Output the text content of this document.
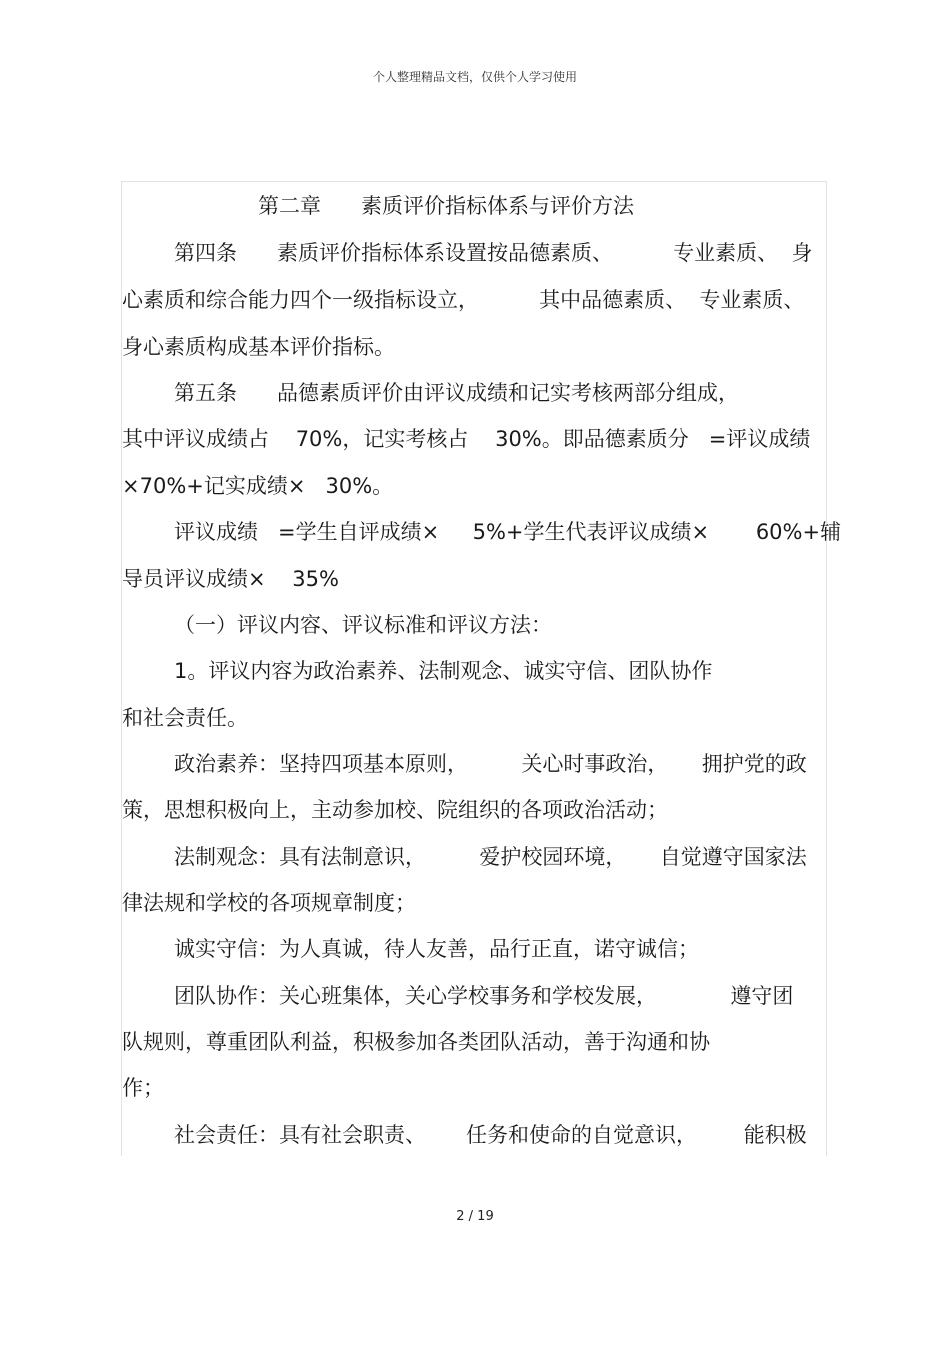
个人整理精品文档，仅供个人学习使用
第二章      素质评价指标体系与评价方法
第四条      素质评价指标体系设置按品德素质、         专业素质、  身
心素质和综合能力四个一级指标设立，         其中品德素质、  专业素质、
身心素质构成基本评价指标。
第五条      品德素质评价由评议成绩和记实考核两部分组成，
其中评议成绩占    70%，记实考核占    30%。即品德素质分   =评议成绩
×70%+记实成绩×   30%。
评议成绩   =学生自评成绩×     5%+学生代表评议成绩×       60%+辅
导员评议成绩×    35%
（一）评议内容、评议标准和评议方法：
1。评议内容为政治素养、法制观念、诚实守信、团队协作
和社会责任。
政治素养：坚持四项基本原则，        关心时事政治，     拥护党的政
策，思想积极向上，主动参加校、院组织的各项政治活动；
法制观念：具有法制意识，        爱护校园环境，     自觉遵守国家法
律法规和学校的各项规章制度；
诚实守信：为人真诚，待人友善，品行正直，诺守诚信；
团队协作：关心班集体，关心学校事务和学校发展，           遵守团
队规则，尊重团队利益，积极参加各类团队活动，善于沟通和协
作；
社会责任：具有社会职责、      任务和使命的自觉意识，       能积极
2 / 19
